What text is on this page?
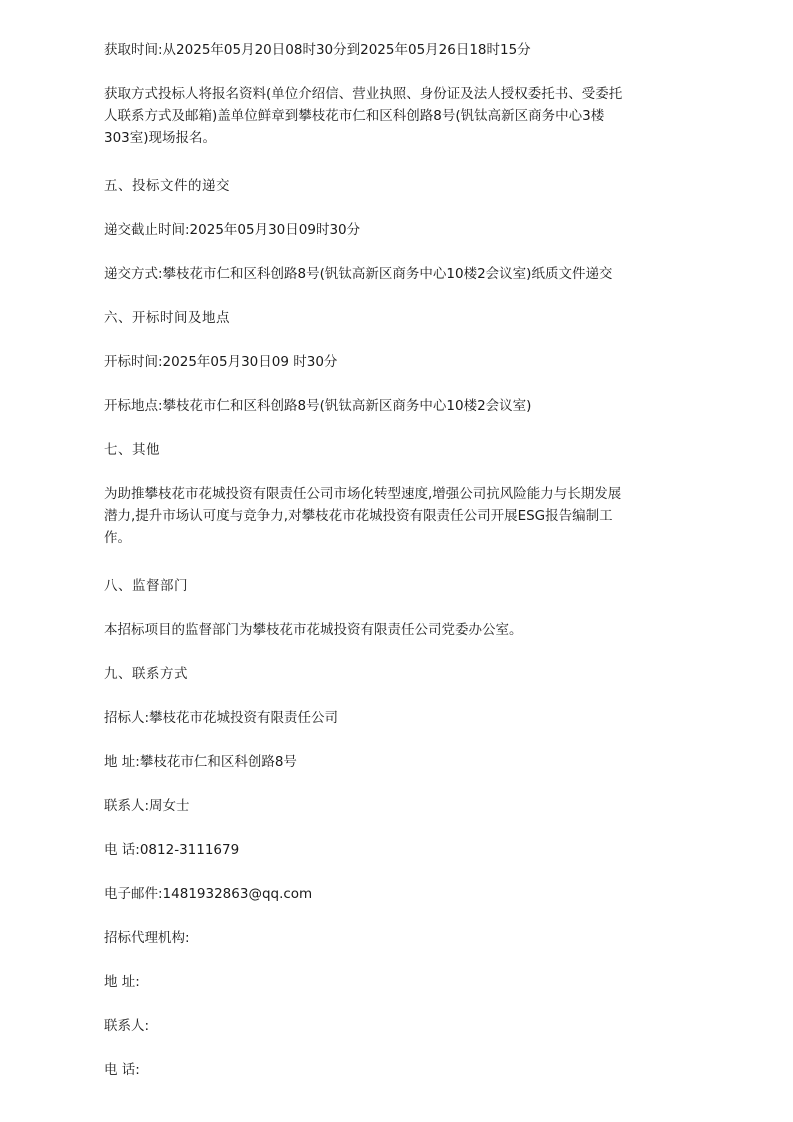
获取时间:从2025年05月20日08时30分到2025年05月26日18时15分
获取方式投标人将报名资料(单位介绍信、营业执照、身份证及法人授权委托书、受委托
人联系方式及邮箱)盖单位鲜章到攀枝花市仁和区科创路8号(钒钛高新区商务中心3楼
303室)现场报名。
五、投标文件的递交
递交截止时间:2025年05月30日09时30分
递交方式:攀枝花市仁和区科创路8号(钒钛高新区商务中心10楼2会议室)纸质文件递交
六、开标时间及地点
开标时间:2025年05月30日09 时30分
开标地点:攀枝花市仁和区科创路8号(钒钛高新区商务中心10楼2会议室)
七、其他
为助推攀枝花市花城投资有限责任公司市场化转型速度,增强公司抗风险能力与长期发展
潜力,提升市场认可度与竞争力,对攀枝花市花城投资有限责任公司开展ESG报告编制工
作。
八、监督部门
本招标项目的监督部门为攀枝花市花城投资有限责任公司党委办公室。
九、联系方式
招标人:攀枝花市花城投资有限责任公司
地 址:攀枝花市仁和区科创路8号
联系人:周女士
电 话:0812-3111679
电子邮件:1481932863@qq.com
招标代理机构:
地 址:
联系人:
电 话:
